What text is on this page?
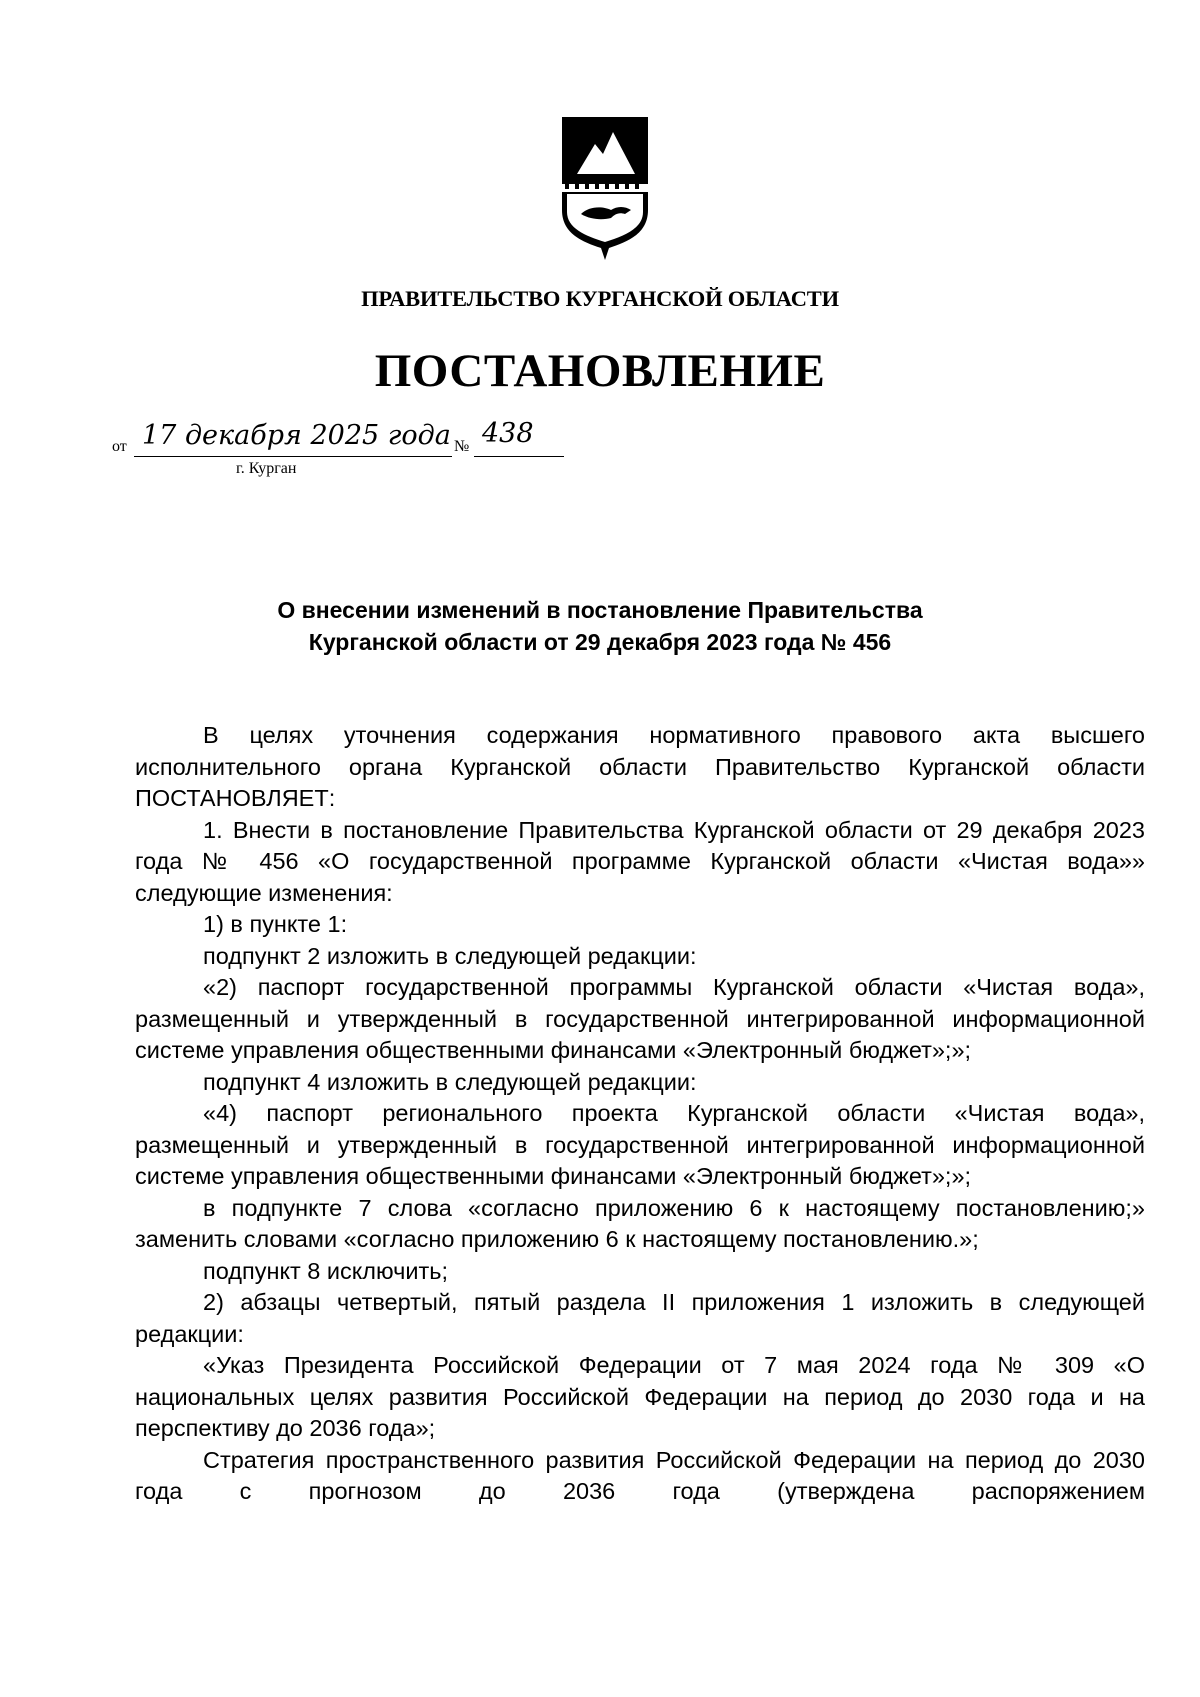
ПРАВИТЕЛЬСТВО КУРГАНСКОЙ ОБЛАСТИ
ПОСТАНОВЛЕНИЕ
от 17 декабря 2025 года № 438
г. Курган
О внесении изменений в постановление Правительства
Курганской области от 29 декабря 2023 года № 456

В целях уточнения содержания нормативного правового акта высшего исполнительного органа Курганской области Правительство Курганской области ПОСТАНОВЛЯЕТ:

1. Внести в постановление Правительства Курганской области от 29 декабря 2023 года № 456 «О государственной программе Курганской области «Чистая вода»» следующие изменения:

1) в пункте 1:

подпункт 2 изложить в следующей редакции:

«2) паспорт государственной программы Курганской области «Чистая вода», размещенный и утвержденный в государственной интегрированной информационной системе управления общественными финансами «Электронный бюджет»;»;

подпункт 4 изложить в следующей редакции:

«4) паспорт регионального проекта Курганской области «Чистая вода», размещенный и утвержденный в государственной интегрированной информационной системе управления общественными финансами «Электронный бюджет»;»;

в подпункте 7 слова «согласно приложению 6 к настоящему постановлению;» заменить словами «согласно приложению 6 к настоящему постановлению.»;

подпункт 8 исключить;

2) абзацы четвертый, пятый раздела II приложения 1 изложить в следующей редакции:

«Указ Президента Российской Федерации от 7 мая 2024 года № 309 «О национальных целях развития Российской Федерации на период до 2030 года и на перспективу до 2036 года»;

Стратегия пространственного развития Российской Федерации на период до 2030 года с прогнозом до 2036 года (утверждена распоряжением
